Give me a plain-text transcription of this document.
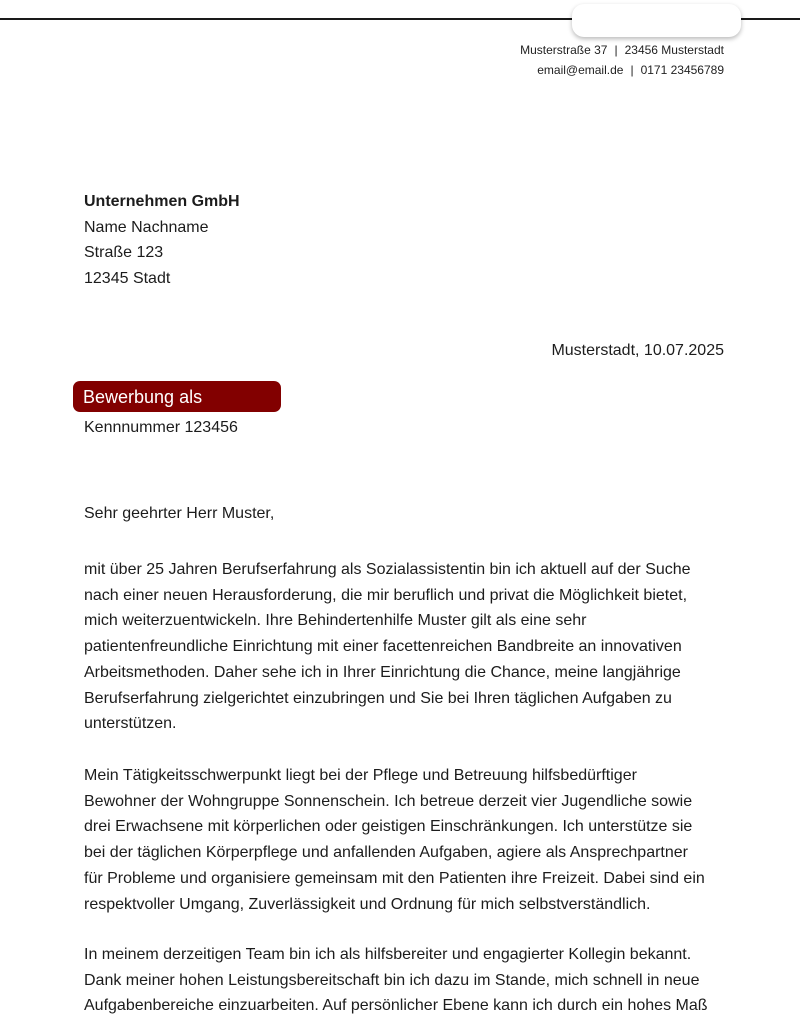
Musterstraße 37 | 23456 Musterstadt
email@email.de | 0171 23456789
Unternehmen GmbH
Name Nachname
Straße 123
12345 Stadt
Musterstadt, 10.07.2025
Bewerbung als
Kennnummer 123456
Sehr geehrter Herr Muster,
mit über 25 Jahren Berufserfahrung als Sozialassistentin bin ich aktuell auf der Suche
nach einer neuen Herausforderung, die mir beruflich und privat die Möglichkeit bietet,
mich weiterzuentwickeln. Ihre Behindertenhilfe Muster gilt als eine sehr
patientenfreundliche Einrichtung mit einer facettenreichen Bandbreite an innovativen
Arbeitsmethoden. Daher sehe ich in Ihrer Einrichtung die Chance, meine langjährige
Berufserfahrung zielgerichtet einzubringen und Sie bei Ihren täglichen Aufgaben zu
unterstützen.
Mein Tätigkeitsschwerpunkt liegt bei der Pflege und Betreuung hilfsbedürftiger
Bewohner der Wohngruppe Sonnenschein. Ich betreue derzeit vier Jugendliche sowie
drei Erwachsene mit körperlichen oder geistigen Einschränkungen. Ich unterstütze sie
bei der täglichen Körperpflege und anfallenden Aufgaben, agiere als Ansprechpartner
für Probleme und organisiere gemeinsam mit den Patienten ihre Freizeit. Dabei sind ein
respektvoller Umgang, Zuverlässigkeit und Ordnung für mich selbstverständlich.
In meinem derzeitigen Team bin ich als hilfsbereiter und engagierter Kollegin bekannt.
Dank meiner hohen Leistungsbereitschaft bin ich dazu im Stande, mich schnell in neue
Aufgabenbereiche einzuarbeiten. Auf persönlicher Ebene kann ich durch ein hohes Maß
